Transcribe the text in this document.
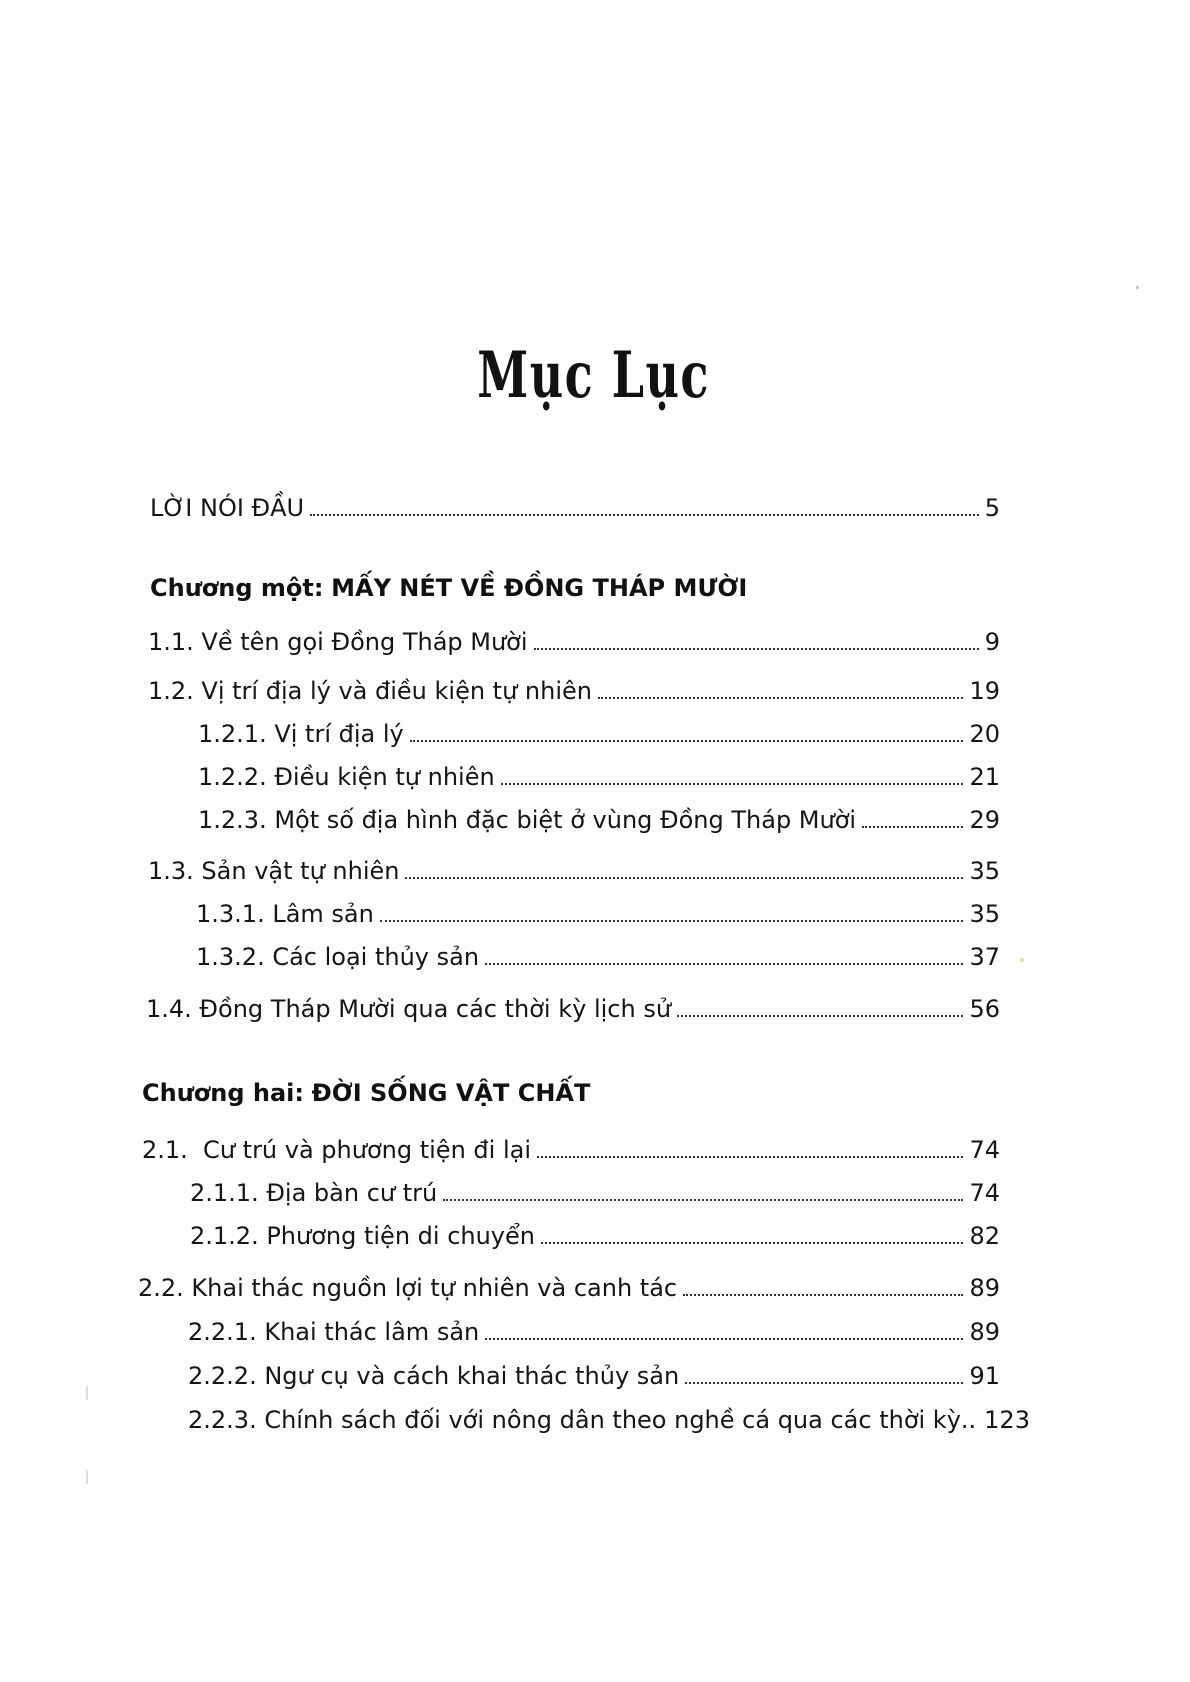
Mục Lục
LỜI NÓI ĐẦU	5
Chương một: MẤY NÉT VỀ ĐỒNG THÁP MƯỜI
1.1. Về tên gọi Đồng Tháp Mười	9
1.2. Vị trí địa lý và điều kiện tự nhiên	19
1.2.1. Vị trí địa lý	20
1.2.2. Điều kiện tự nhiên	21
1.2.3. Một số địa hình đặc biệt ở vùng Đồng Tháp Mười	29
1.3. Sản vật tự nhiên	35
1.3.1. Lâm sản	35
1.3.2. Các loại thủy sản	37
1.4. Đồng Tháp Mười qua các thời kỳ lịch sử	56
Chương hai: ĐỜI SỐNG VẬT CHẤT
2.1.  Cư trú và phương tiện đi lại	74
2.1.1. Địa bàn cư trú	74
2.1.2. Phương tiện di chuyển	82
2.2. Khai thác nguồn lợi tự nhiên và canh tác	89
2.2.1. Khai thác lâm sản	89
2.2.2. Ngư cụ và cách khai thác thủy sản	91
2.2.3. Chính sách đối với nông dân theo nghề cá qua các thời kỳ.. 123
